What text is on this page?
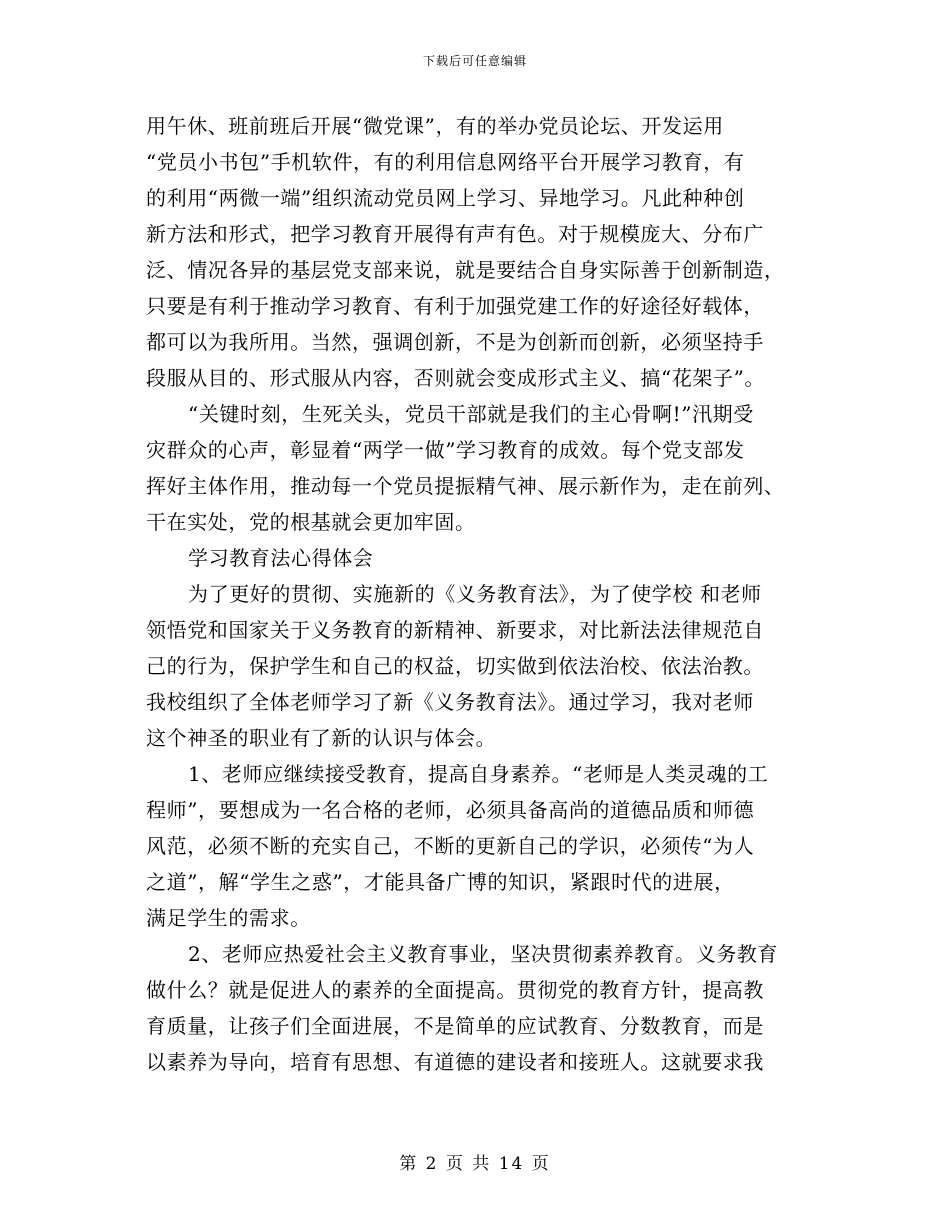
下载后可任意编辑
用午休、班前班后开展“微党课”，有的举办党员论坛、开发运用
“党员小书包”手机软件，有的利用信息网络平台开展学习教育，有
的利用“两微一端”组织流动党员网上学习、异地学习。凡此种种创
新方法和形式，把学习教育开展得有声有色。对于规模庞大、分布广
泛、情况各异的基层党支部来说，就是要结合自身实际善于创新制造，
只要是有利于推动学习教育、有利于加强党建工作的好途径好载体，
都可以为我所用。当然，强调创新，不是为创新而创新，必须坚持手
段服从目的、形式服从内容，否则就会变成形式主义、搞“花架子”。
“关键时刻，生死关头，党员干部就是我们的主心骨啊!”汛期受
灾群众的心声，彰显着“两学一做”学习教育的成效。每个党支部发
挥好主体作用，推动每一个党员提振精气神、展示新作为，走在前列、
干在实处，党的根基就会更加牢固。
学习教育法心得体会
为了更好的贯彻、实施新的《义务教育法》，为了使学校 和老师
领悟党和国家关于义务教育的新精神、新要求，对比新法法律规范自
己的行为，保护学生和自己的权益，切实做到依法治校、依法治教。
我校组织了全体老师学习了新《义务教育法》。通过学习，我对老师
这个神圣的职业有了新的认识与体会。
1、老师应继续接受教育，提高自身素养。“老师是人类灵魂的工
程师”，要想成为一名合格的老师，必须具备高尚的道德品质和师德
风范，必须不断的充实自己，不断的更新自己的学识，必须传“为人
之道”，解“学生之惑”，才能具备广博的知识，紧跟时代的进展，
满足学生的需求。
2、老师应热爱社会主义教育事业，坚决贯彻素养教育。义务教育
做什么？就是促进人的素养的全面提高。贯彻党的教育方针，提高教
育质量，让孩子们全面进展，不是简单的应试教育、分数教育，而是
以素养为导向，培育有思想、有道德的建设者和接班人。这就要求我
第 2 页 共 14 页
